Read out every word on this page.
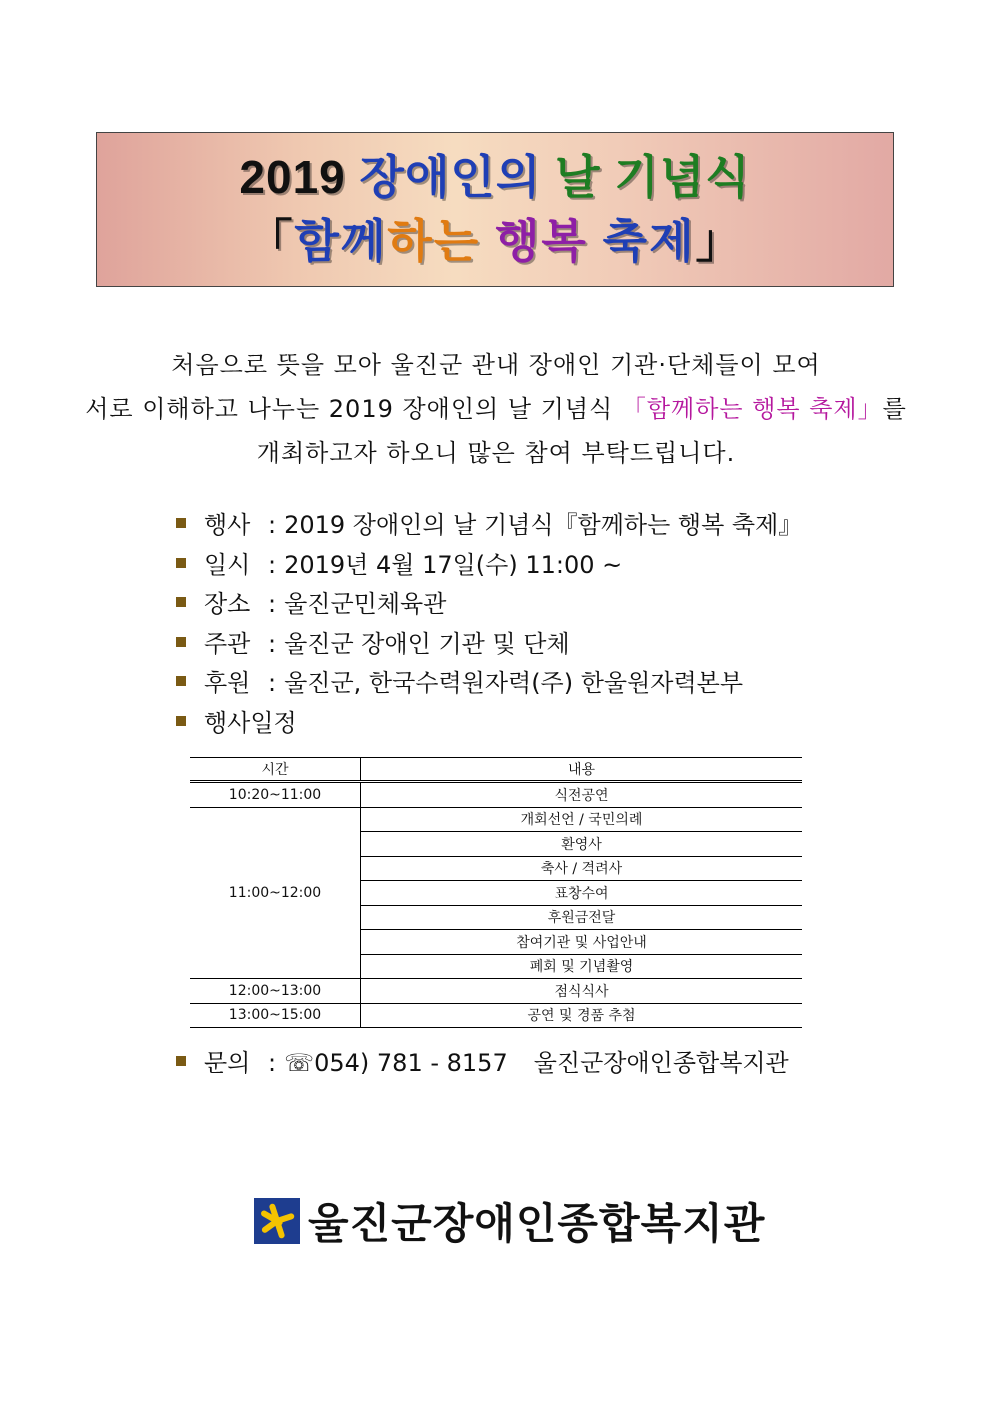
2019 장애인의 날 기념식
「함께하는 행복 축제」
처음으로 뜻을 모아 울진군 관내 장애인 기관·단체들이 모여
서로 이해하고 나누는 2019 장애인의 날 기념식 「함께하는 행복 축제」를
개최하고자 하오니 많은 참여 부탁드립니다.
행사 : 2019 장애인의 날 기념식『함께하는 행복 축제』
일시 : 2019년 4월 17일(수) 11:00 ~
장소 : 울진군민체육관
주관 : 울진군 장애인 기관 및 단체
후원 : 울진군, 한국수력원자력(주) 한울원자력본부
행사일정
시간	내용
10:20~11:00	식전공연
11:00~12:00	개회선언 / 국민의례
	환영사
	축사 / 격려사
	표창수여
	후원금전달
	참여기관 및 사업안내
	폐회 및 기념촬영
12:00~13:00	점식식사
13:00~15:00	공연 및 경품 추첨
문의 : ☏054) 781 - 8157 울진군장애인종합복지관
울진군장애인종합복지관
